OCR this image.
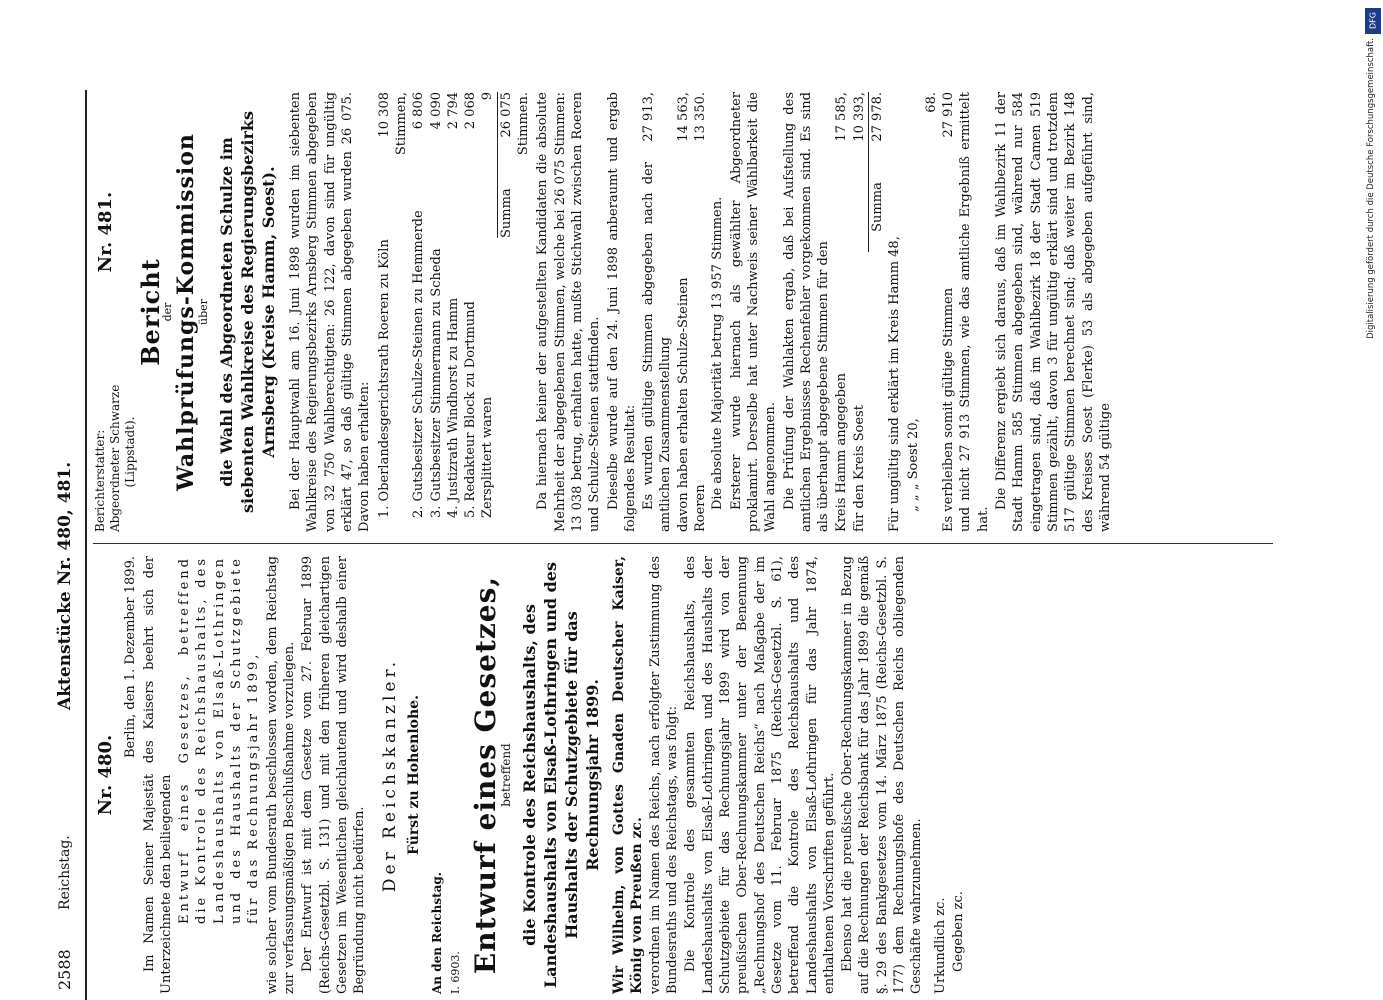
2588
Reichstag.
Aktenstücke Nr. 480, 481.
Nr. 480.

Berlin, den 1. Dezember 1899. Im Namen Seiner Majestät des Kaisers beehrt sich der Unterzeichnete den beiliegenden Entwurf eines Gesetzes, betreffend die Kontrole des Reichshaushalts, des Landeshaushalts von Elsaß-Lothringen und des Haushalts der Schutzgebiete für das Rechnungsjahr 1899, wie solcher vom Bundesrath beschlossen worden, dem Reichstag zur verfassungsmäßigen Beschlußnahme vorzulegen. Der Entwurf ist mit dem Gesetze vom 27. Februar 1899 (Reichs-Gesetzbl. S. 131) und mit den früheren gleichartigen Gesetzen im Wesentlichen gleichlautend und wird deshalb einer Begründung nicht bedürfen.

Der Reichskanzler. Fürst zu Hohenlohe.

An den Reichstag. I. 6903. Entwurf eines Gesetzes,

betreffend die Kontrole des Reichshaushalts, des Landeshaushalts von Elsaß-Lothringen und des Haushalts der Schutzgebiete für das Rechnungsjahr 1899. Wir Wilhelm, von Gottes Gnaden Deutscher Kaiser, König von Preußen zc. verordnen im Namen des Reichs, nach erfolgter Zustimmung des Bundesraths und des Reichstags, was folgt: Die Kontrole des gesammten Reichshaushalts, des Landeshaushalts von Elsaß-Lothringen und des Haushalts der Schutzgebiete für das Rechnungsjahr 1899 wird von der preußischen Ober-Rechnungskammer unter der Benennung „Rechnungshof des Deutschen Reichs“ nach Maßgabe der im Gesetze vom 11. Februar 1875 (Reichs-Gesetzbl. S. 61), betreffend die Kontrole des Reichshaushalts und des Landeshaushalts von Elsaß-Lothringen für das Jahr 1874, enthaltenen Vorschriften geführt. Ebenso hat die preußische Ober-Rechnungskammer in Bezug auf die Rechnungen der Reichsbank für das Jahr 1899 die gemäß §. 29 des Bankgesetzes vom 14. März 1875 (Reichs-Gesetzbl. S. 177) dem Rechnungshofe des Deutschen Reichs obliegenden Geschäfte wahrzunehmen. Urkundlich zc. Gegeben zc.

Berichterstatter: Abgeordneter Schwarze (Lippstadt).
Nr. 481.
Bericht

der

Wahlprüfungs-Kommission

über die Wahl des Abgeordneten Schulze im siebenten Wahlkreise des Regierungsbezirks Arnsberg (Kreise Hamm, Soest). Bei der Hauptwahl am 16. Juni 1898 wurden im siebenten Wahlkreise des Regierungsbezirks Arnsberg Stimmen abgegeben von 32 750 Wahlberechtigten: 26 122, davon sind für ungültig erklärt 47, so daß gültige Stimmen abgegeben wurden 26 075. Davon haben erhalten: 1. Oberlandesgerichtsrath Roeren zu Köln
10 308 Stimmen,
2. Gutsbesitzer Schulze-Steinen zu Hemmerde
6 806
3. Gutsbesitzer Stimmermann zu Scheda
4 090
4. Justizrath Windhorst zu Hamm
2 794
5. Redakteur Block zu Dortmund
2 068
Zersplittert waren
9
Summa
26 075 Stimmen. Da hiernach keiner der aufgestellten Kandidaten die absolute Mehrheit der abgegebenen Stimmen, welche bei 26 075 Stimmen: 13 038 betrug, erhalten hatte, mußte Stichwahl zwischen Roeren und Schulze-Steinen stattfinden. Dieselbe wurde auf den 24. Juni 1898 anberaumt und ergab folgendes Resultat: Es wurden gültige Stimmen abgegeben nach der amtlichen Zusammenstellung
27 913,
davon haben erhalten Schulze-Steinen
14 563,
Roeren
13 350.

Die absolute Majorität betrug 13 957 Stimmen. Ersterer wurde hiernach als gewählter Abgeordneter proklamirt. Derselbe hat unter Nachweis seiner Wählbarkeit die Wahl angenommen. Die Prüfung der Wahlakten ergab, daß bei Aufstellung des amtlichen Ergebnisses Rechenfehler vorgekommen sind. Es sind als überhaupt abgegebene Stimmen für den Kreis Hamm angegeben
17 585,
für den Kreis Soest
10 393,
Summa
27 978.

Für ungültig sind erklärt im Kreis Hamm 48, „ „ „ Soest 20,

68.
Es verbleiben somit gültige Stimmen
27 910 und nicht 27 913 Stimmen, wie das amtliche Ergebniß ermittelt hat.

Die Differenz ergiebt sich daraus, daß im Wahlbezirk 11 der Stadt Hamm 585 Stimmen abgegeben sind, während nur 584 eingetragen sind, daß im Wahlbezirk 18 der Stadt Camen 519 Stimmen gezählt, davon 3 für ungültig erklärt sind und trotzdem 517 gültige Stimmen berechnet sind; daß weiter im Bezirk 148 des Kreises Soest (Flerke) 53 als abgegeben aufgeführt sind, während 54 gültige

DFG
Digitalisierung gefördert durch die Deutsche Forschungsgemeinschaft.
